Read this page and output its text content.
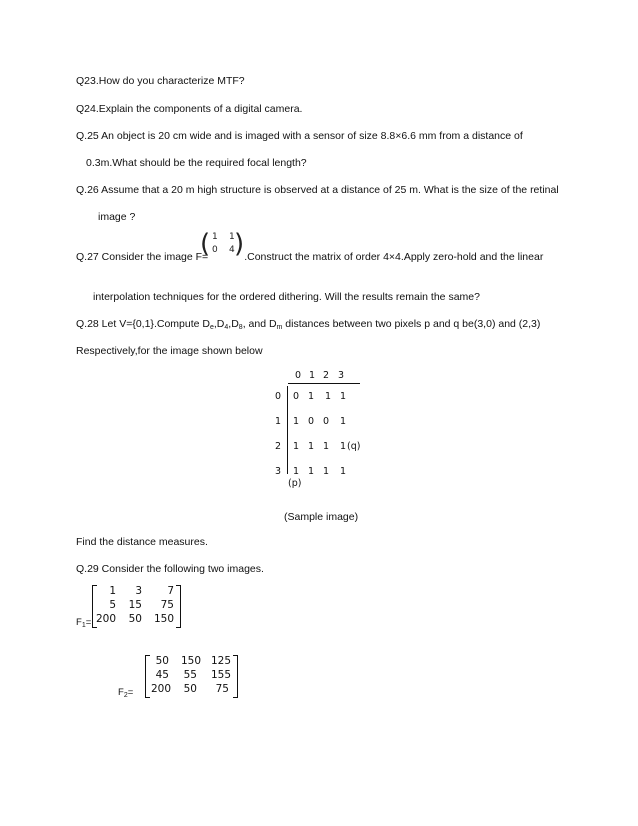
Q23.How do you characterize MTF?
Q24.Explain the components of a digital camera.
Q.25 An object is 20 cm wide and is imaged with a sensor of size 8.8×6.6 mm from a distance of
0.3m.What should be the required focal length?
Q.26 Assume that a 20 m high structure is observed at a distance of 25 m. What is the size of the retinal
image ?
Q.27 Consider the image F=	.Construct the matrix of order 4×4.Apply zero-hold and the linear
( 1 1
0 4 )
interpolation techniques for the ordered dithering. Will the results remain the same?
Q.28 Let V={0,1}.Compute $D_e,D_4,D_8$, and $D_m$ distances between two pixels p and q be(3,0) and (2,3)
Respectively,for the image shown below
0 1 2 3
0 0 1 1 1
1 1 0 0 1
2 1 1 1 1 (q)
3 1 1 1 1
(p)
(Sample image)
Find the distance measures.
Q.29 Consider the following two images.
$F_1=$
1	3	7
5	15	75
200	50	150
$F_2=$
50	150 125
45	55	155
200	50	75
